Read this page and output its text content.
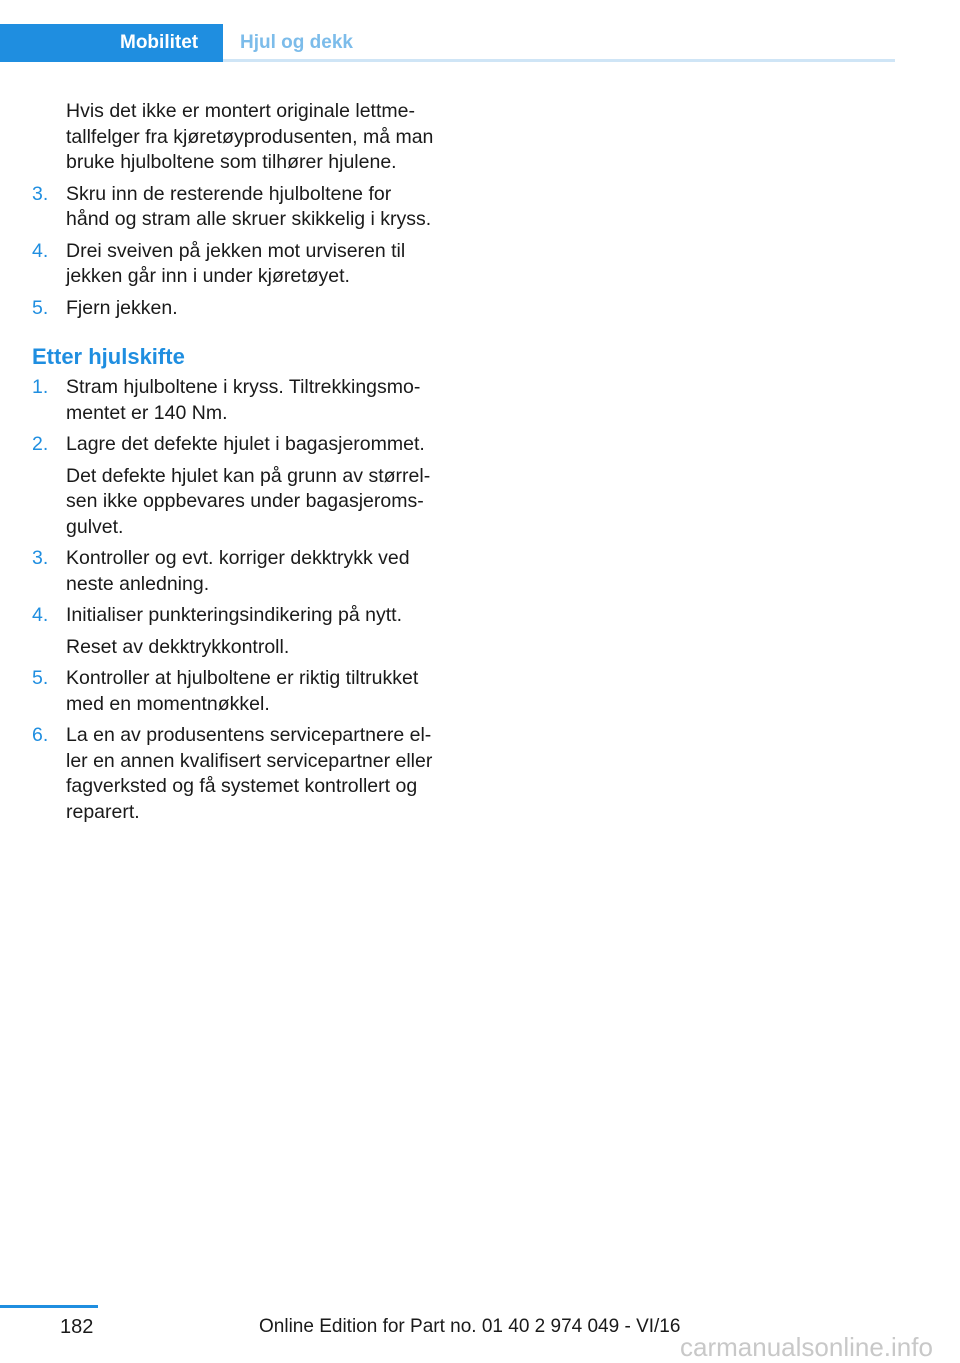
Mobilitet	Hjul og dekk
Hvis det ikke er montert originale lettme‐
tallfelger fra kjøretøyprodusenten, må man
bruke hjulboltene som tilhører hjulene.
3. Skru inn de resterende hjulboltene for
hånd og stram alle skruer skikkelig i kryss.
4. Drei sveiven på jekken mot urviseren til
jekken går inn i under kjøretøyet.
5. Fjern jekken.
Etter hjulskifte
1. Stram hjulboltene i kryss. Tiltrekkingsmo‐
mentet er 140 Nm.
2. Lagre det defekte hjulet i bagasjerommet.
Det defekte hjulet kan på grunn av størrel‐
sen ikke oppbevares under bagasjeroms‐
gulvet.
3. Kontroller og evt. korriger dekktrykk ved
neste anledning.
4. Initialiser punkteringsindikering på nytt.
Reset av dekktrykkontroll.
5. Kontroller at hjulboltene er riktig tiltrukket
med en momentnøkkel.
6. La en av produsentens servicepartnere el‐
ler en annen kvalifisert servicepartner eller
fagverksted og få systemet kontrollert og
reparert.
182	Online Edition for Part no. 01 40 2 974 049 - VI/16
carmanualsonline.info
